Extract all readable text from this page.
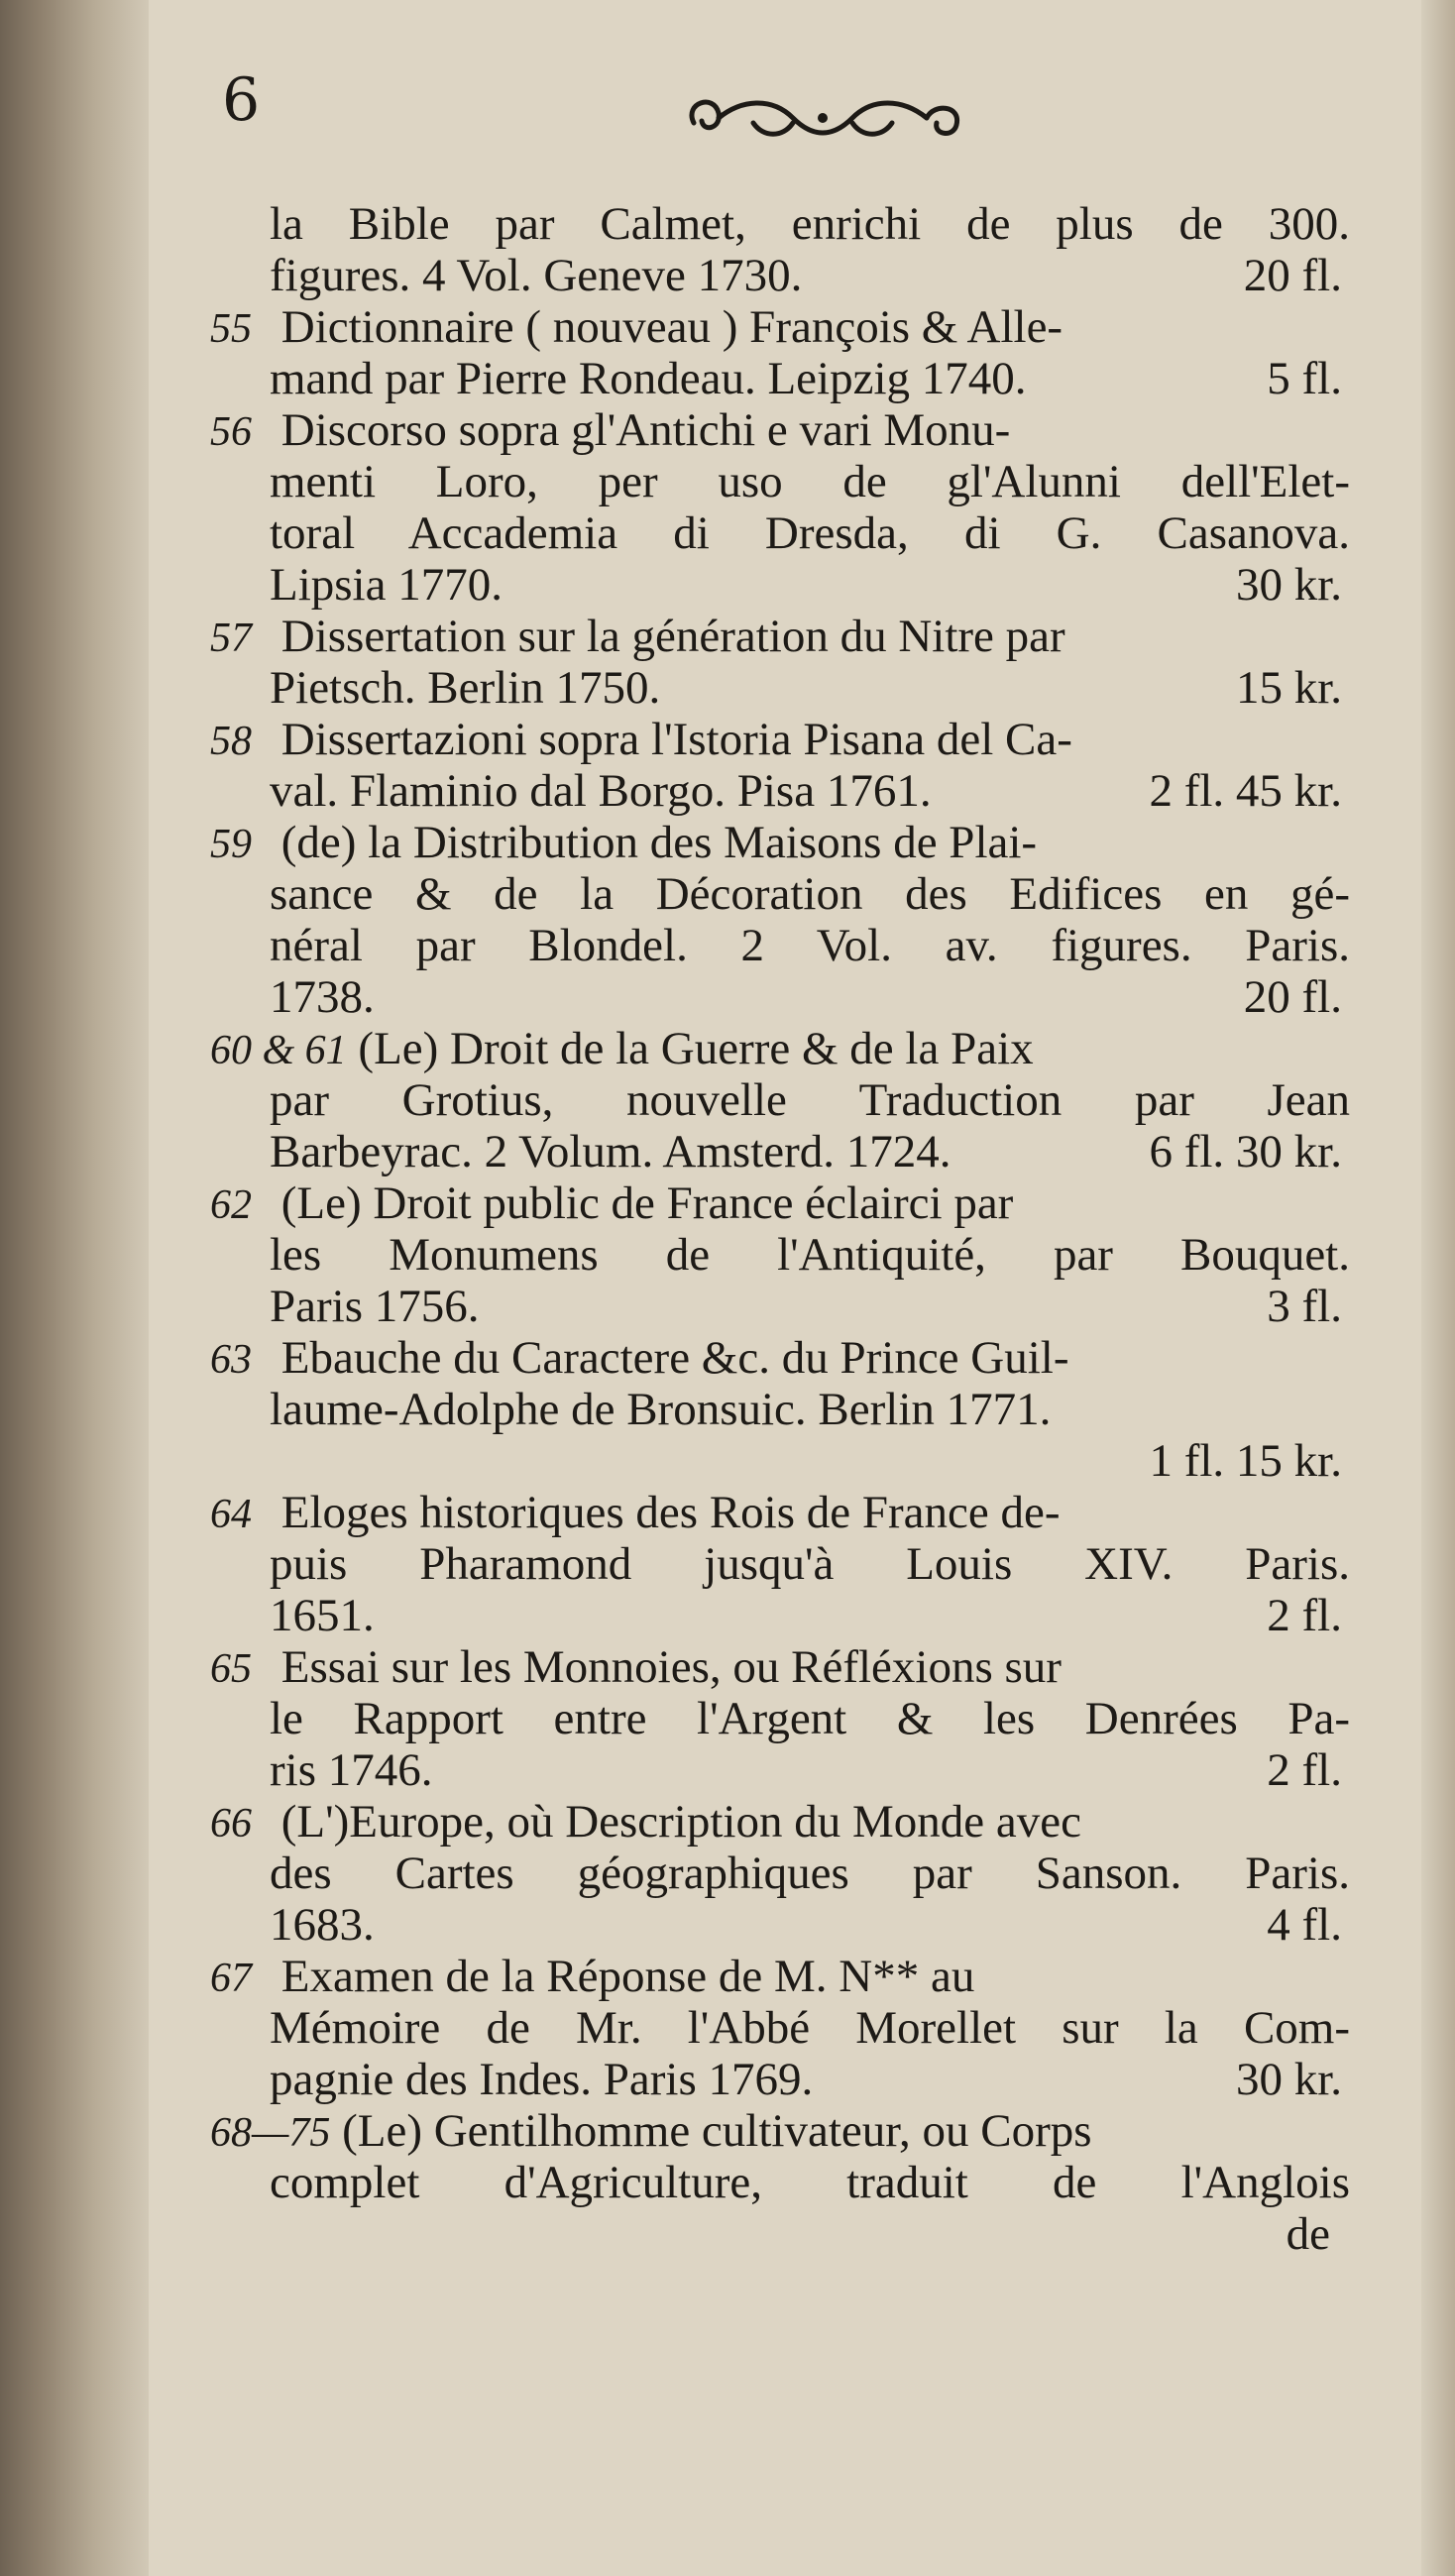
6
la Bible par Calmet, enrichi de plus de 300.
figures. 4 Vol. Geneve 1730.	20 fl.
55 Dictionnaire ( nouveau ) François & Alle-
mand par Pierre Rondeau. Leipzig 1740.	5 fl.
56 Discorso sopra gl'Antichi e vari Monu-
menti Loro, per uso de gl'Alunni dell'Elet-
toral Accademia di Dresda, di G. Casanova.
Lipsia 1770.	30 kr.
57 Dissertation sur la génération du Nitre par
Pietsch. Berlin 1750.	15 kr.
58 Dissertazioni sopra l'Istoria Pisana del Ca-
val. Flaminio dal Borgo. Pisa 1761.	2 fl. 45 kr.
59 (de) la Distribution des Maisons de Plai-
sance & de la Décoration des Edifices en gé-
néral par Blondel. 2 Vol. av. figures. Paris.
1738.	20 fl.
60 & 61 (Le) Droit de la Guerre & de la Paix
par Grotius, nouvelle Traduction par Jean
Barbeyrac. 2 Volum. Amsterd. 1724.	6 fl. 30 kr.
62 (Le) Droit public de France éclairci par
les Monumens de l'Antiquité, par Bouquet.
Paris 1756.	3 fl.
63 Ebauche du Caractere &c. du Prince Guil-
laume-Adolphe de Bronsuic. Berlin 1771.
1 fl. 15 kr.
64 Eloges historiques des Rois de France de-
puis Pharamond jusqu'à Louis XIV. Paris.
1651.	2 fl.
65 Essai sur les Monnoies, ou Réfléxions sur
le Rapport entre l'Argent & les Denrées Pa-
ris 1746.	2 fl.
66 (L')Europe, où Description du Monde avec
des Cartes géographiques par Sanson. Paris.
1683.	4 fl.
67 Examen de la Réponse de M. N** au
Mémoire de Mr. l'Abbé Morellet sur la Com-
pagnie des Indes. Paris 1769.	30 kr.
68—75 (Le) Gentilhomme cultivateur, ou Corps
complet d'Agriculture, traduit de l'Anglois
de
